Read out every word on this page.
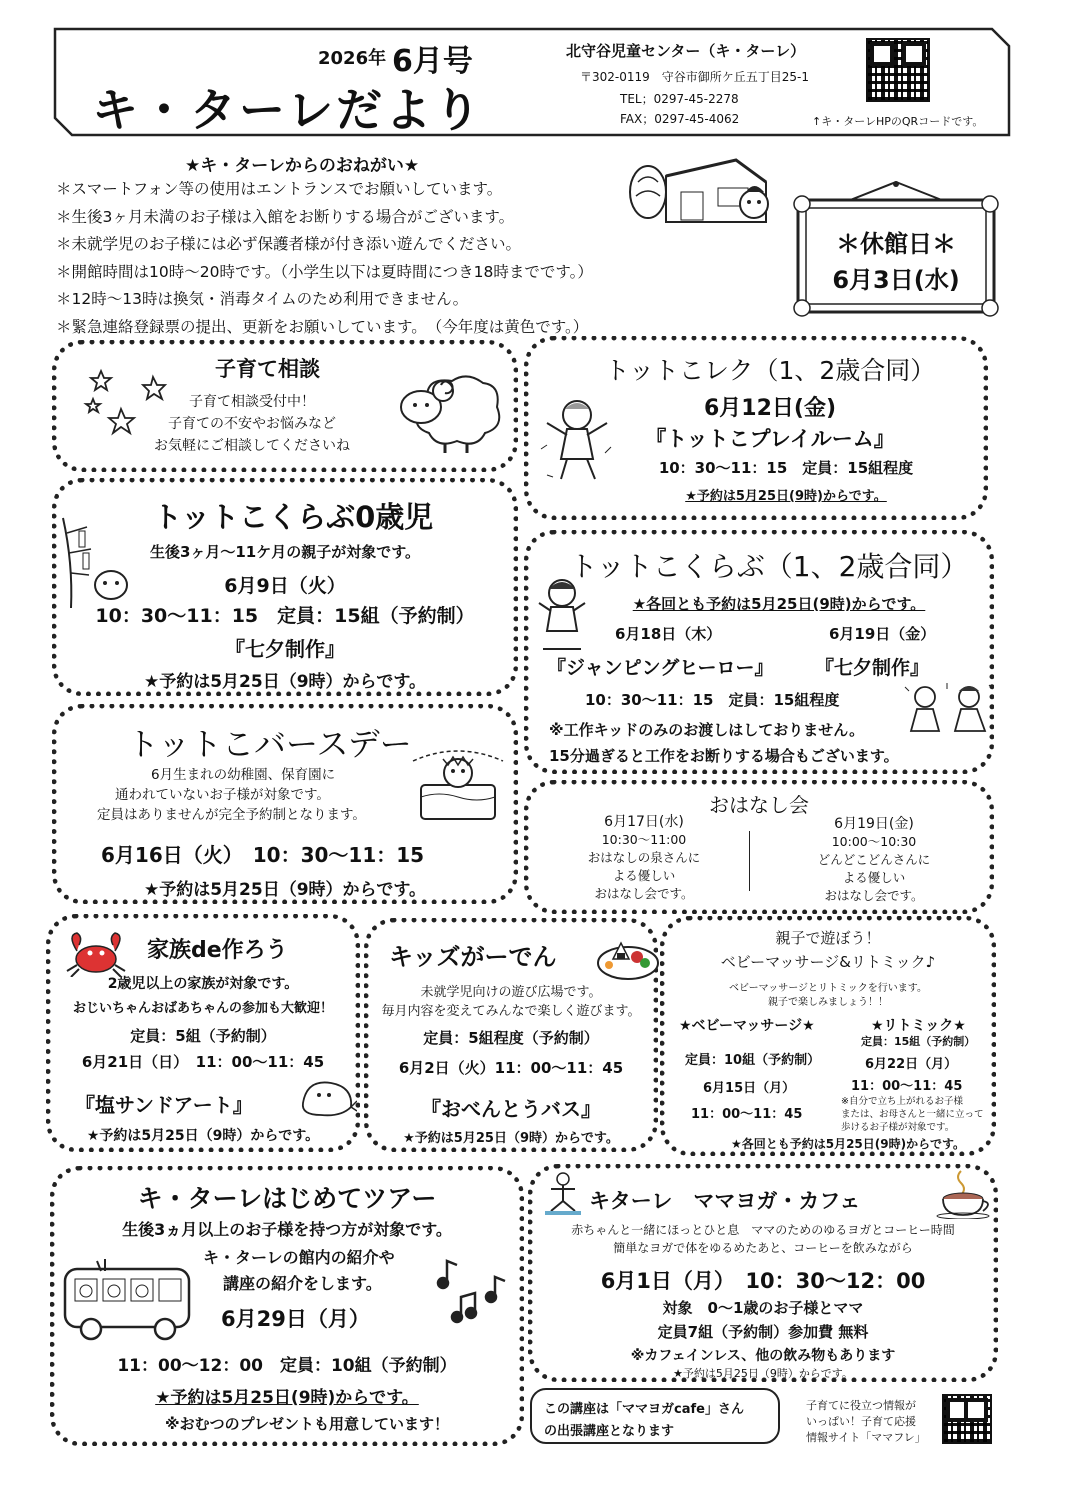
2026年 6月号
キ・ターレだより
北守谷児童センター（キ・ターレ）
〒302-0119　守谷市御所ケ丘五丁目25-1
TEL；0297-45-2278
FAX；0297-45-4062	↑キ・ターレHPのQRコードです。
★キ・ターレからのおねがい★
＊スマートフォン等の使用はエントランスでお願いしています。
＊生後3ヶ月未満のお子様は入館をお断りする場合がございます。
＊未就学児のお子様には必ず保護者様が付き添い遊んでください。
＊開館時間は10時～20時です。（小学生以下は夏時間につき18時までです。）
＊12時～13時は換気・消毒タイムのため利用できません。
＊緊急連絡登録票の提出、更新をお願いしています。　（今年度は黄色です。）
＊休館日＊
6月3日(水)
子育て相談
子育て相談受付中！
子育ての不安やお悩みなど
お気軽にご相談してくださいね
トットこくらぶ0歳児
生後3ヶ月～11ケ月の親子が対象です。
6月9日（火）
10：30～11：15　定員：15組（予約制）
『七夕制作』
★予約は5月25日（9時）からです。
トットこバースデー
6月生まれの幼稚園、保育園に
通われていないお子様が対象です。
定員はありませんが完全予約制となります。
6月16日（火）　10：30～11：15
★予約は5月25日（9時）からです。
トットこレク（1、2歳合同）
6月12日(金)
『トットこプレイルーム』
10：30～11：15　定員：15組程度
★予約は5月25日(9時)からです。
トットこくらぶ（1、2歳合同）
★各回とも予約は5月25日(9時)からです。
6月18日（木）	6月19日（金）
『ジャンピングヒーロー』 『七夕制作』
10：30～11：15　定員：15組程度
※工作キッドのみのお渡しはしておりません。
15分過ぎると工作をお断りする場合もございます。
おはなし会
6月17日(水)
10:30～11:00
おはなしの泉さんに
よる優しい
おはなし会です。
6月19日(金)
10:00～10:30
どんどこどんさんに
よる優しい
おはなし会です。
家族de作ろう
2歳児以上の家族が対象です。
おじいちゃんおばあちゃんの参加も大歓迎！
定員：5組（予約制）
6月21日（日）　11：00～11：45
『塩サンドアート』
★予約は5月25日（9時）からです。
キッズがーでん
未就学児向けの遊び広場です。
毎月内容を変えてみんなで楽しく遊びます。
定員：5組程度（予約制）
6月2日（火）11：00～11：45
『おべんとうバス』
★予約は5月25日（9時）からです。
親子で遊ぼう！
ベビーマッサージ&リトミック♪
ベビーマッサージとリトミックを行います。
親子で楽しみましょう！！
★ベビーマッサージ★
定員：10組（予約制）
6月15日（月）
11：00～11：45
★リトミック★
定員：15組（予約制）
6月22日（月）
11：00～11：45
※自分で立ち上がれるお子様
または、お母さんと一緒に立って
歩けるお子様が対象です。
★各回とも予約は5月25日(9時)からです。
キ・ターレはじめてツアー
生後3ヵ月以上のお子様を持つ方が対象です。
キ・ターレの館内の紹介や
講座の紹介をします。
6月29日（月）
11：00～12：00　定員：10組（予約制）
★予約は5月25日(9時)からです。
※おむつのプレゼントも用意しています！
キターレ　ママヨガ・カフェ
赤ちゃんと一緒にほっとひと息　ママのためのゆるヨガとコーヒー時間
簡単なヨガで体をゆるめたあと、コーヒーを飲みながら
6月1日（月）　10：30～12：00
対象　0～1歳のお子様とママ
定員7組（予約制）参加費 無料
※カフェインレス、他の飲み物もあります
★予約は5月25日（9時）からです。
この講座は「ママヨガcafe」さん
の出張講座となります
子育てに役立つ情報が
いっぱい！子育て応援
情報サイト「ママフレ」
